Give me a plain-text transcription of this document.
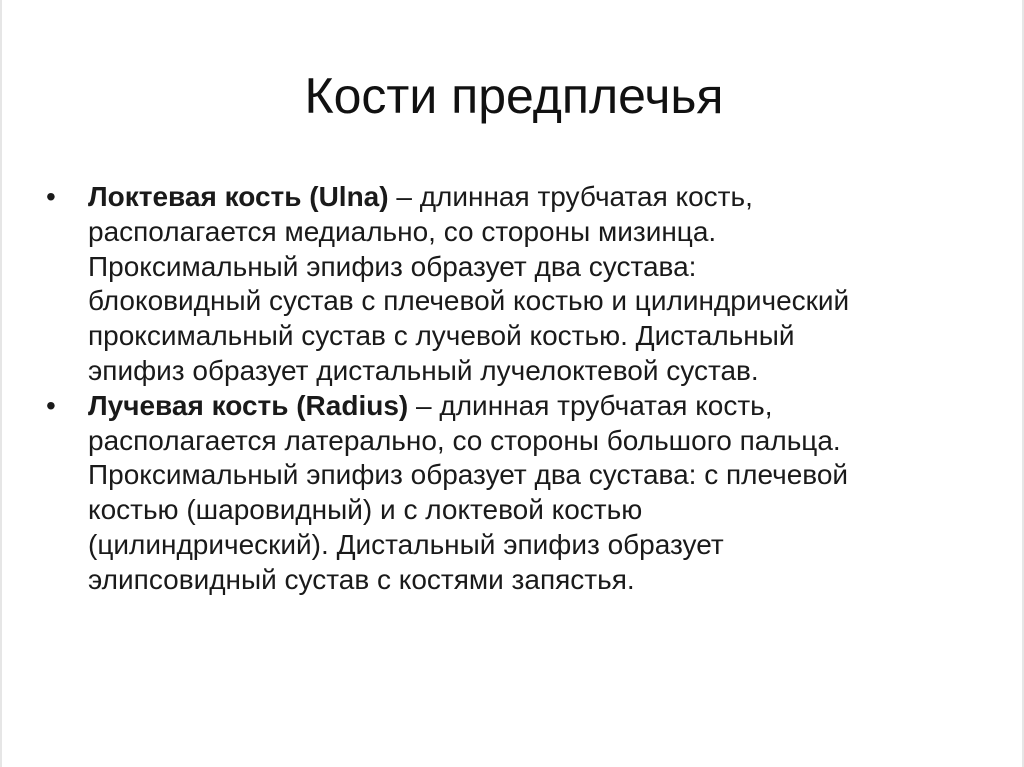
Кости предплечья
• Локтевая кость (Ulna) – длинная трубчатая кость,
располагается медиально, со стороны мизинца.
Проксимальный эпифиз образует два сустава:
блоковидный сустав с плечевой костью и цилиндрический
проксимальный сустав с лучевой костью. Дистальный
эпифиз образует дистальный лучелоктевой сустав.
• Лучевая кость (Radius) – длинная трубчатая кость,
располагается латерально, со стороны большого пальца.
Проксимальный эпифиз образует два сустава: с плечевой
костью (шаровидный) и с локтевой костью
(цилиндрический). Дистальный эпифиз образует
элипсовидный сустав с костями запястья.
